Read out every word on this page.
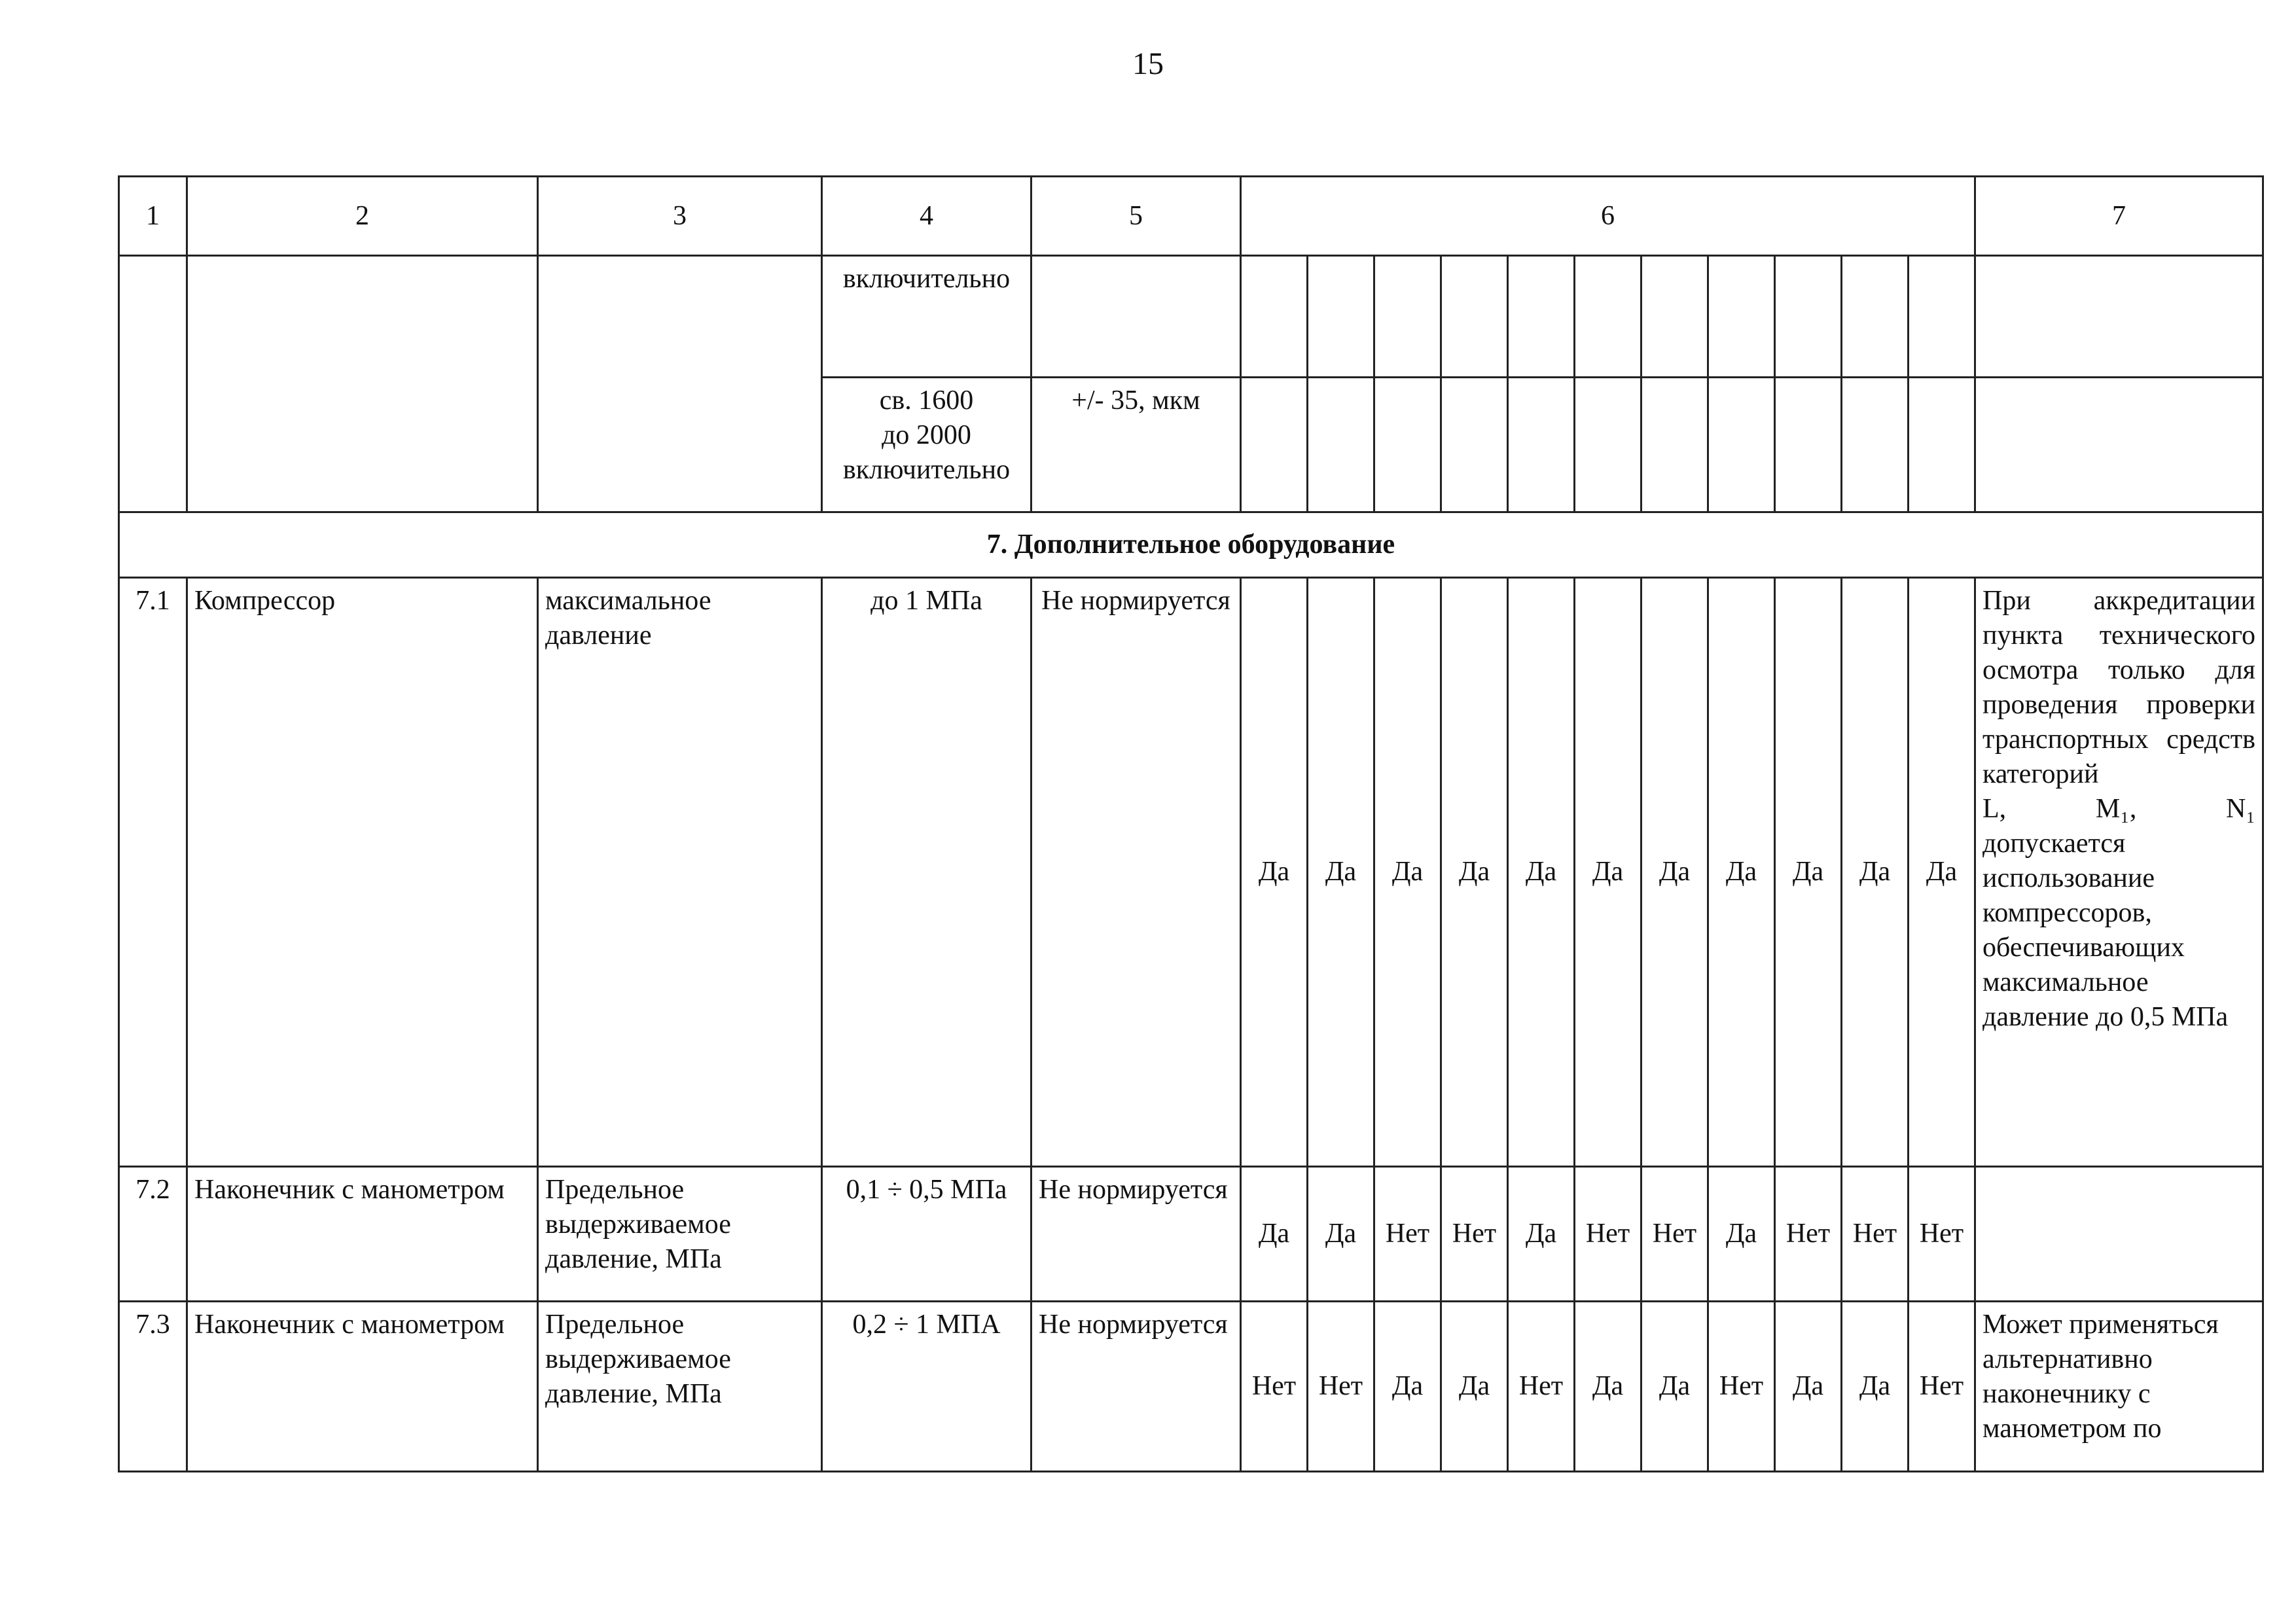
15
1	2	3	4	5	6											7
			включительно													
			св. 1600
до 2000
включительно	+/- 35, мкм												
7. Дополнительное оборудование																
7.1	Компрессор	максимальное давление	до 1 МПа	Не нормируется	Да	Да	Да	Да	Да	Да	Да	Да	Да	Да	Да	При аккредитации пункта технического осмотра только для проведения проверки транспортных средств категорий
L, M₁, N₁
допускается использование компрессоров, обеспечивающих максимальное давление до 0,5 МПа

7.2	Наконечник с манометром	Предельное выдерживаемое давление, МПа	0,1 ÷ 0,5 МПа	Не нормируется	Да	Да	Нет	Нет	Да	Нет	Нет	Да	Нет	Нет	Нет	
7.3	Наконечник с манометром	Предельное выдерживаемое давление, МПа	0,2 ÷ 1 МПА	Не нормируется	Нет	Нет	Да	Да	Нет	Да	Да	Нет	Да	Да	Нет	Может применяться альтернативно наконечнику с манометром по
